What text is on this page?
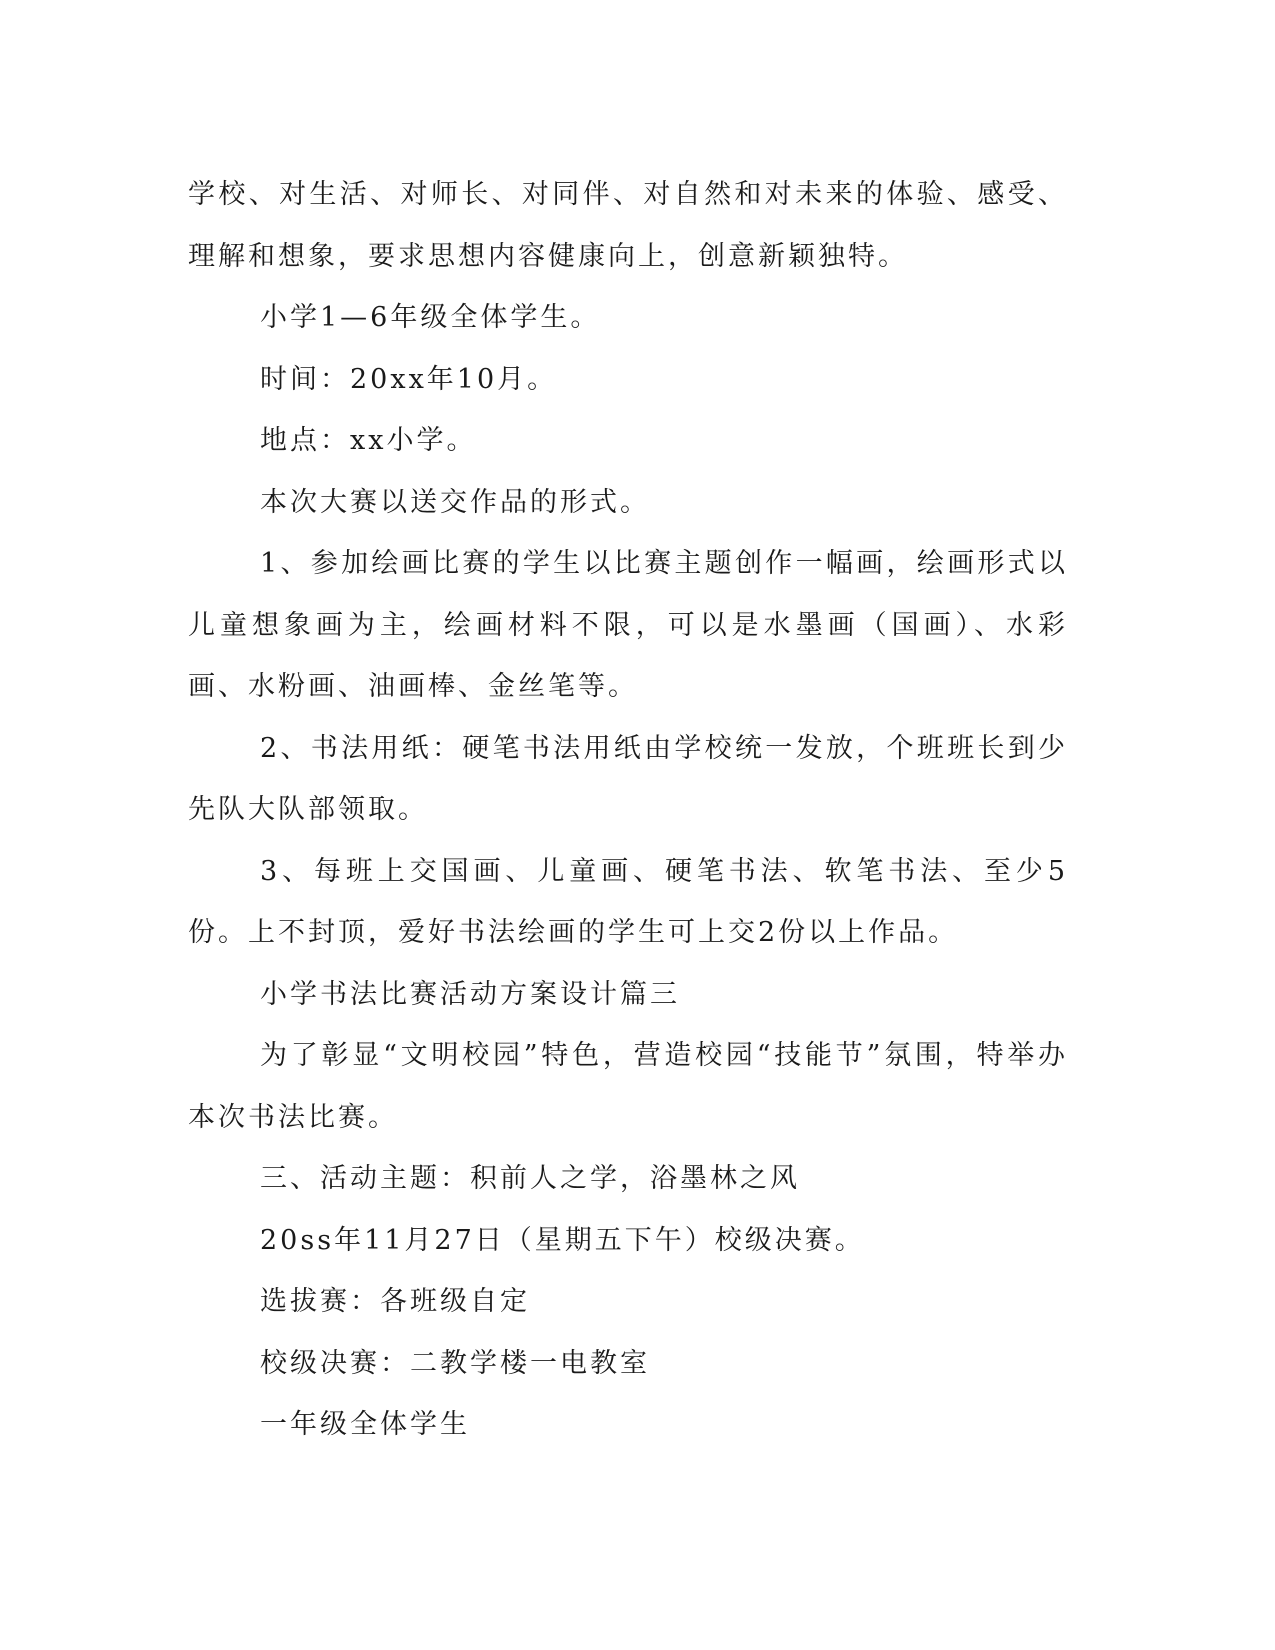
学校、对生活、对师长、对同伴、对自然和对未来的体验、感受、理解和想象，要求思想内容健康向上，创意新颖独特。

小学1—6年级全体学生。

时间：20xx年10月。

地点：xx小学。

本次大赛以送交作品的形式。

1、参加绘画比赛的学生以比赛主题创作一幅画，绘画形式以儿童想象画为主，绘画材料不限，可以是水墨画（国画）、水彩画、水粉画、油画棒、金丝笔等。

2、书法用纸：硬笔书法用纸由学校统一发放，个班班长到少先队大队部领取。

3、每班上交国画、儿童画、硬笔书法、软笔书法、至少5份。上不封顶，爱好书法绘画的学生可上交2份以上作品。

小学书法比赛活动方案设计篇三

为了彰显“文明校园”特色，营造校园“技能节”氛围，特举办本次书法比赛。

三、活动主题：积前人之学，浴墨林之风

20ss年11月27日（星期五下午）校级决赛。

选拔赛：各班级自定

校级决赛：二教学楼一电教室

一年级全体学生
